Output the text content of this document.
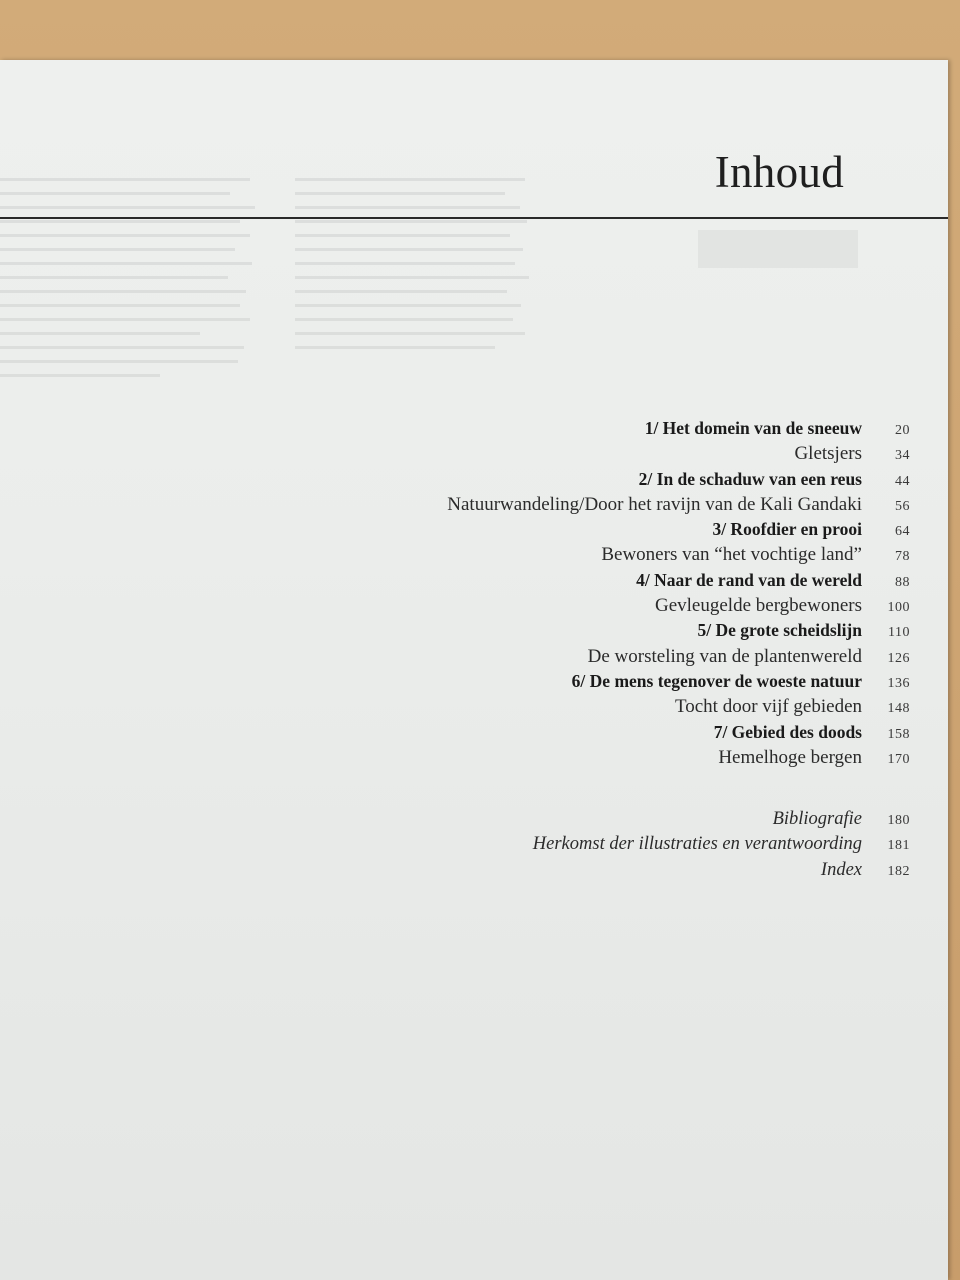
Inhoud
1/ Het domein van de sneeuw	20
Gletsjers	34
2/ In de schaduw van een reus	44
Natuurwandeling/Door het ravijn van de Kali Gandaki	56
3/ Roofdier en prooi	64
Bewoners van “het vochtige land”	78
4/ Naar de rand van de wereld	88
Gevleugelde bergbewoners	100
5/ De grote scheidslijn	110
De worsteling van de plantenwereld	126
6/ De mens tegenover de woeste natuur	136
Tocht door vijf gebieden	148
7/ Gebied des doods	158
Hemelhoge bergen	170
Bibliografie	180
Herkomst der illustraties en verantwoording	181
Index	182
